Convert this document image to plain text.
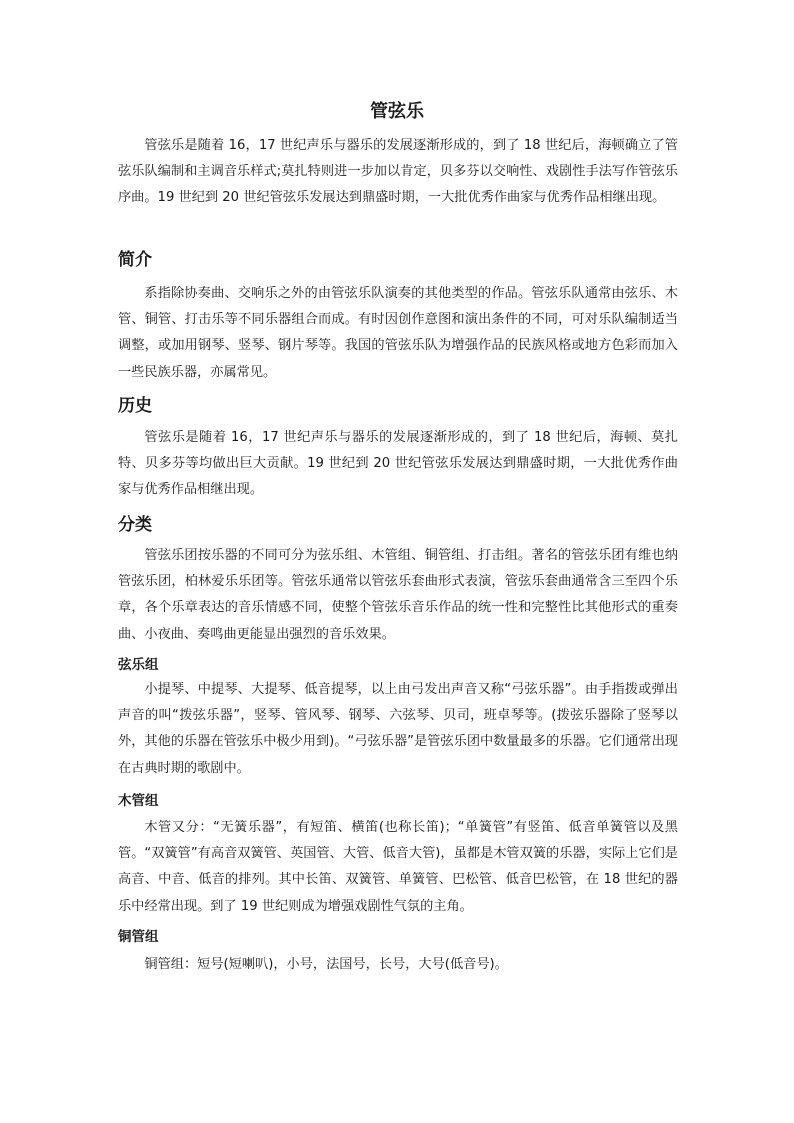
管弦乐

管弦乐是随着 16，17 世纪声乐与器乐的发展逐渐形成的，到了 18 世纪后，海顿确立了管弦乐队编制和主调音乐样式;莫扎特则进一步加以肯定，贝多芬以交响性、戏剧性手法写作管弦乐序曲。19 世纪到 20 世纪管弦乐发展达到鼎盛时期，一大批优秀作曲家与优秀作品相继出现。

简介

系指除协奏曲、交响乐之外的由管弦乐队演奏的其他类型的作品。管弦乐队通常由弦乐、木管、铜管、打击乐等不同乐器组合而成。有时因创作意图和演出条件的不同，可对乐队编制适当调整，或加用钢琴、竖琴、钢片琴等。我国的管弦乐队为增强作品的民族风格或地方色彩而加入一些民族乐器，亦属常见。

历史

管弦乐是随着 16，17 世纪声乐与器乐的发展逐渐形成的，到了 18 世纪后，海顿、莫扎特、贝多芬等均做出巨大贡献。19 世纪到 20 世纪管弦乐发展达到鼎盛时期，一大批优秀作曲家与优秀作品相继出现。

分类

管弦乐团按乐器的不同可分为弦乐组、木管组、铜管组、打击组。著名的管弦乐团有维也纳管弦乐团，柏林爱乐乐团等。管弦乐通常以管弦乐套曲形式表演，管弦乐套曲通常含三至四个乐章，各个乐章表达的音乐情感不同，使整个管弦乐音乐作品的统一性和完整性比其他形式的重奏曲、小夜曲、奏鸣曲更能显出强烈的音乐效果。

弦乐组

小提琴、中提琴、大提琴、低音提琴，以上由弓发出声音又称“弓弦乐器”。由手指拨或弹出声音的叫“拨弦乐器”，竖琴、管风琴、钢琴、六弦琴、贝司，班卓琴等。(拨弦乐器除了竖琴以外，其他的乐器在管弦乐中极少用到)。“弓弦乐器”是管弦乐团中数量最多的乐器。它们通常出现在古典时期的歌剧中。

木管组

木管又分：“无簧乐器”，有短笛、横笛(也称长笛)；“单簧管”有竖笛、低音单簧管以及黑管。“双簧管”有高音双簧管、英国管、大管、低音大管)，虽都是木管双簧的乐器，实际上它们是高音、中音、低音的排列。其中长笛、双簧管、单簧管、巴松管、低音巴松管，在 18 世纪的器乐中经常出现。到了 19 世纪则成为增强戏剧性气氛的主角。

铜管组

铜管组：短号(短喇叭)，小号，法国号，长号，大号(低音号)。
